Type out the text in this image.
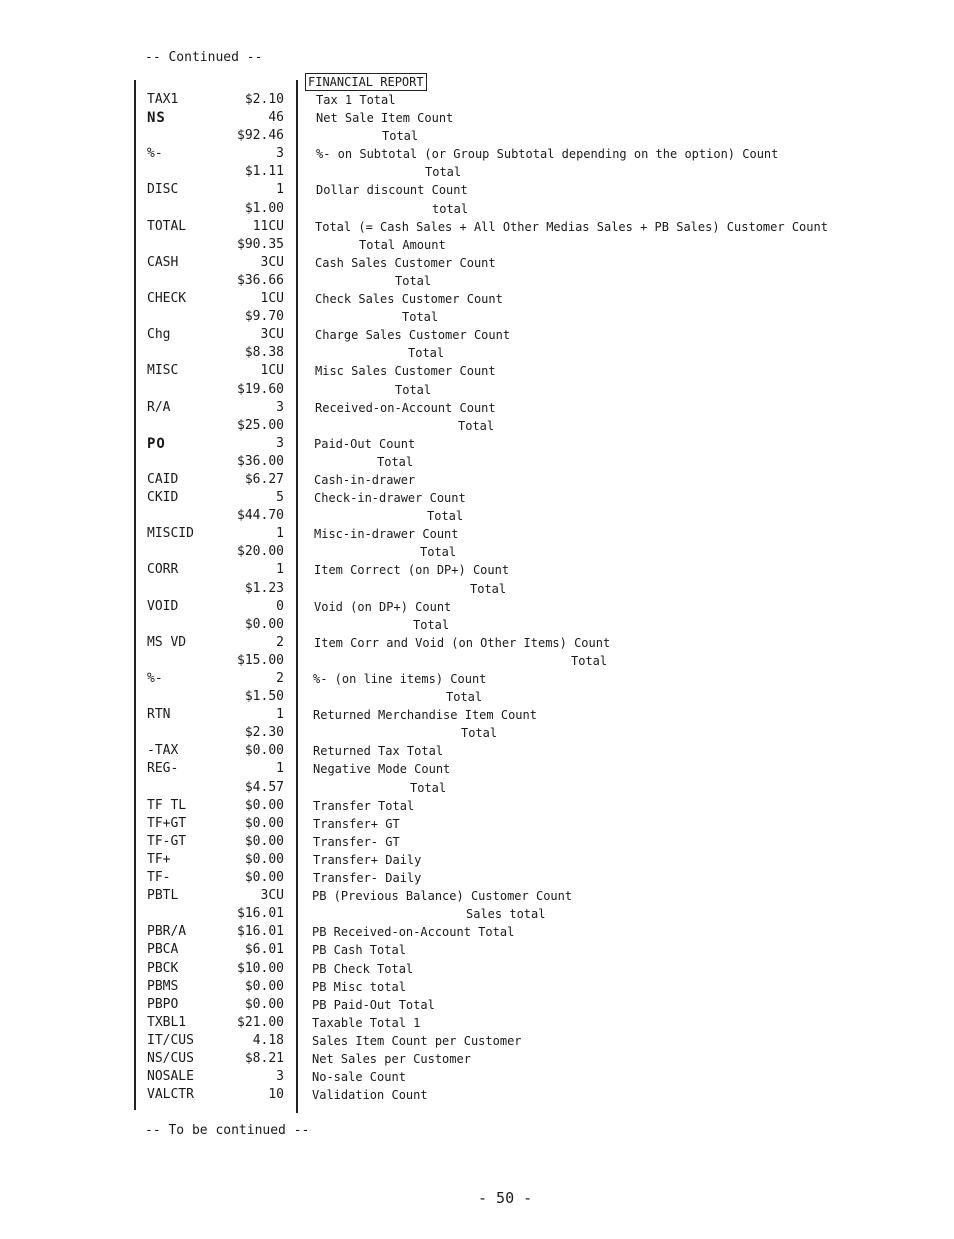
-- Continued --
FINANCIAL REPORT
TAX1	$2.10	Tax 1 Total
NS	46	Net Sale Item Count
$92.46	Total
%-	3	%- on Subtotal (or Group Subtotal depending on the option) Count
$1.11	Total
DISC	1	Dollar discount Count
$1.00	total
TOTAL	11CU	Total (= Cash Sales + All Other Medias Sales + PB Sales) Customer Count
$90.35	Total Amount
CASH	3CU	Cash Sales Customer Count
$36.66	Total
CHECK	1CU	Check Sales Customer Count
$9.70	Total
Chg	3CU	Charge Sales Customer Count
$8.38	Total
MISC	1CU	Misc Sales Customer Count
$19.60	Total
R/A	3	Received-on-Account Count
$25.00	Total
PO	3	Paid-Out Count
$36.00	Total
CAID	$6.27	Cash-in-drawer
CKID	5	Check-in-drawer Count
$44.70	Total
MISCID	1	Misc-in-drawer Count
$20.00	Total
CORR	1	Item Correct (on DP+) Count
$1.23	Total
VOID	0	Void (on DP+) Count
$0.00	Total
MS VD	2	Item Corr and Void (on Other Items) Count
$15.00	Total
%-	2 %- (on line items) Count
$1.50	Total
RTN	1 Returned Merchandise Item Count
$2.30	Total
-TAX	$0.00 Returned Tax Total
REG-	1 Negative Mode Count
$4.57	Total
TF TL	$0.00 Transfer Total
TF+GT	$0.00 Transfer+ GT
TF-GT	$0.00 Transfer- GT
TF+	$0.00 Transfer+ Daily
TF-	$0.00 Transfer- Daily
PBTL	3CU PB (Previous Balance) Customer Count
$16.01	Sales total
PBR/A	$16.01 PB Received-on-Account Total
PBCA	$6.01 PB Cash Total
PBCK	$10.00 PB Check Total
PBMS	$0.00 PB Misc total
PBPO	$0.00 PB Paid-Out Total
TXBL1	$21.00 Taxable Total 1
IT/CUS	4.18 Sales Item Count per Customer
NS/CUS	$8.21 Net Sales per Customer
NOSALE	3 No-sale Count
VALCTR	10 Validation Count
-- To be continued --
- 50 -
